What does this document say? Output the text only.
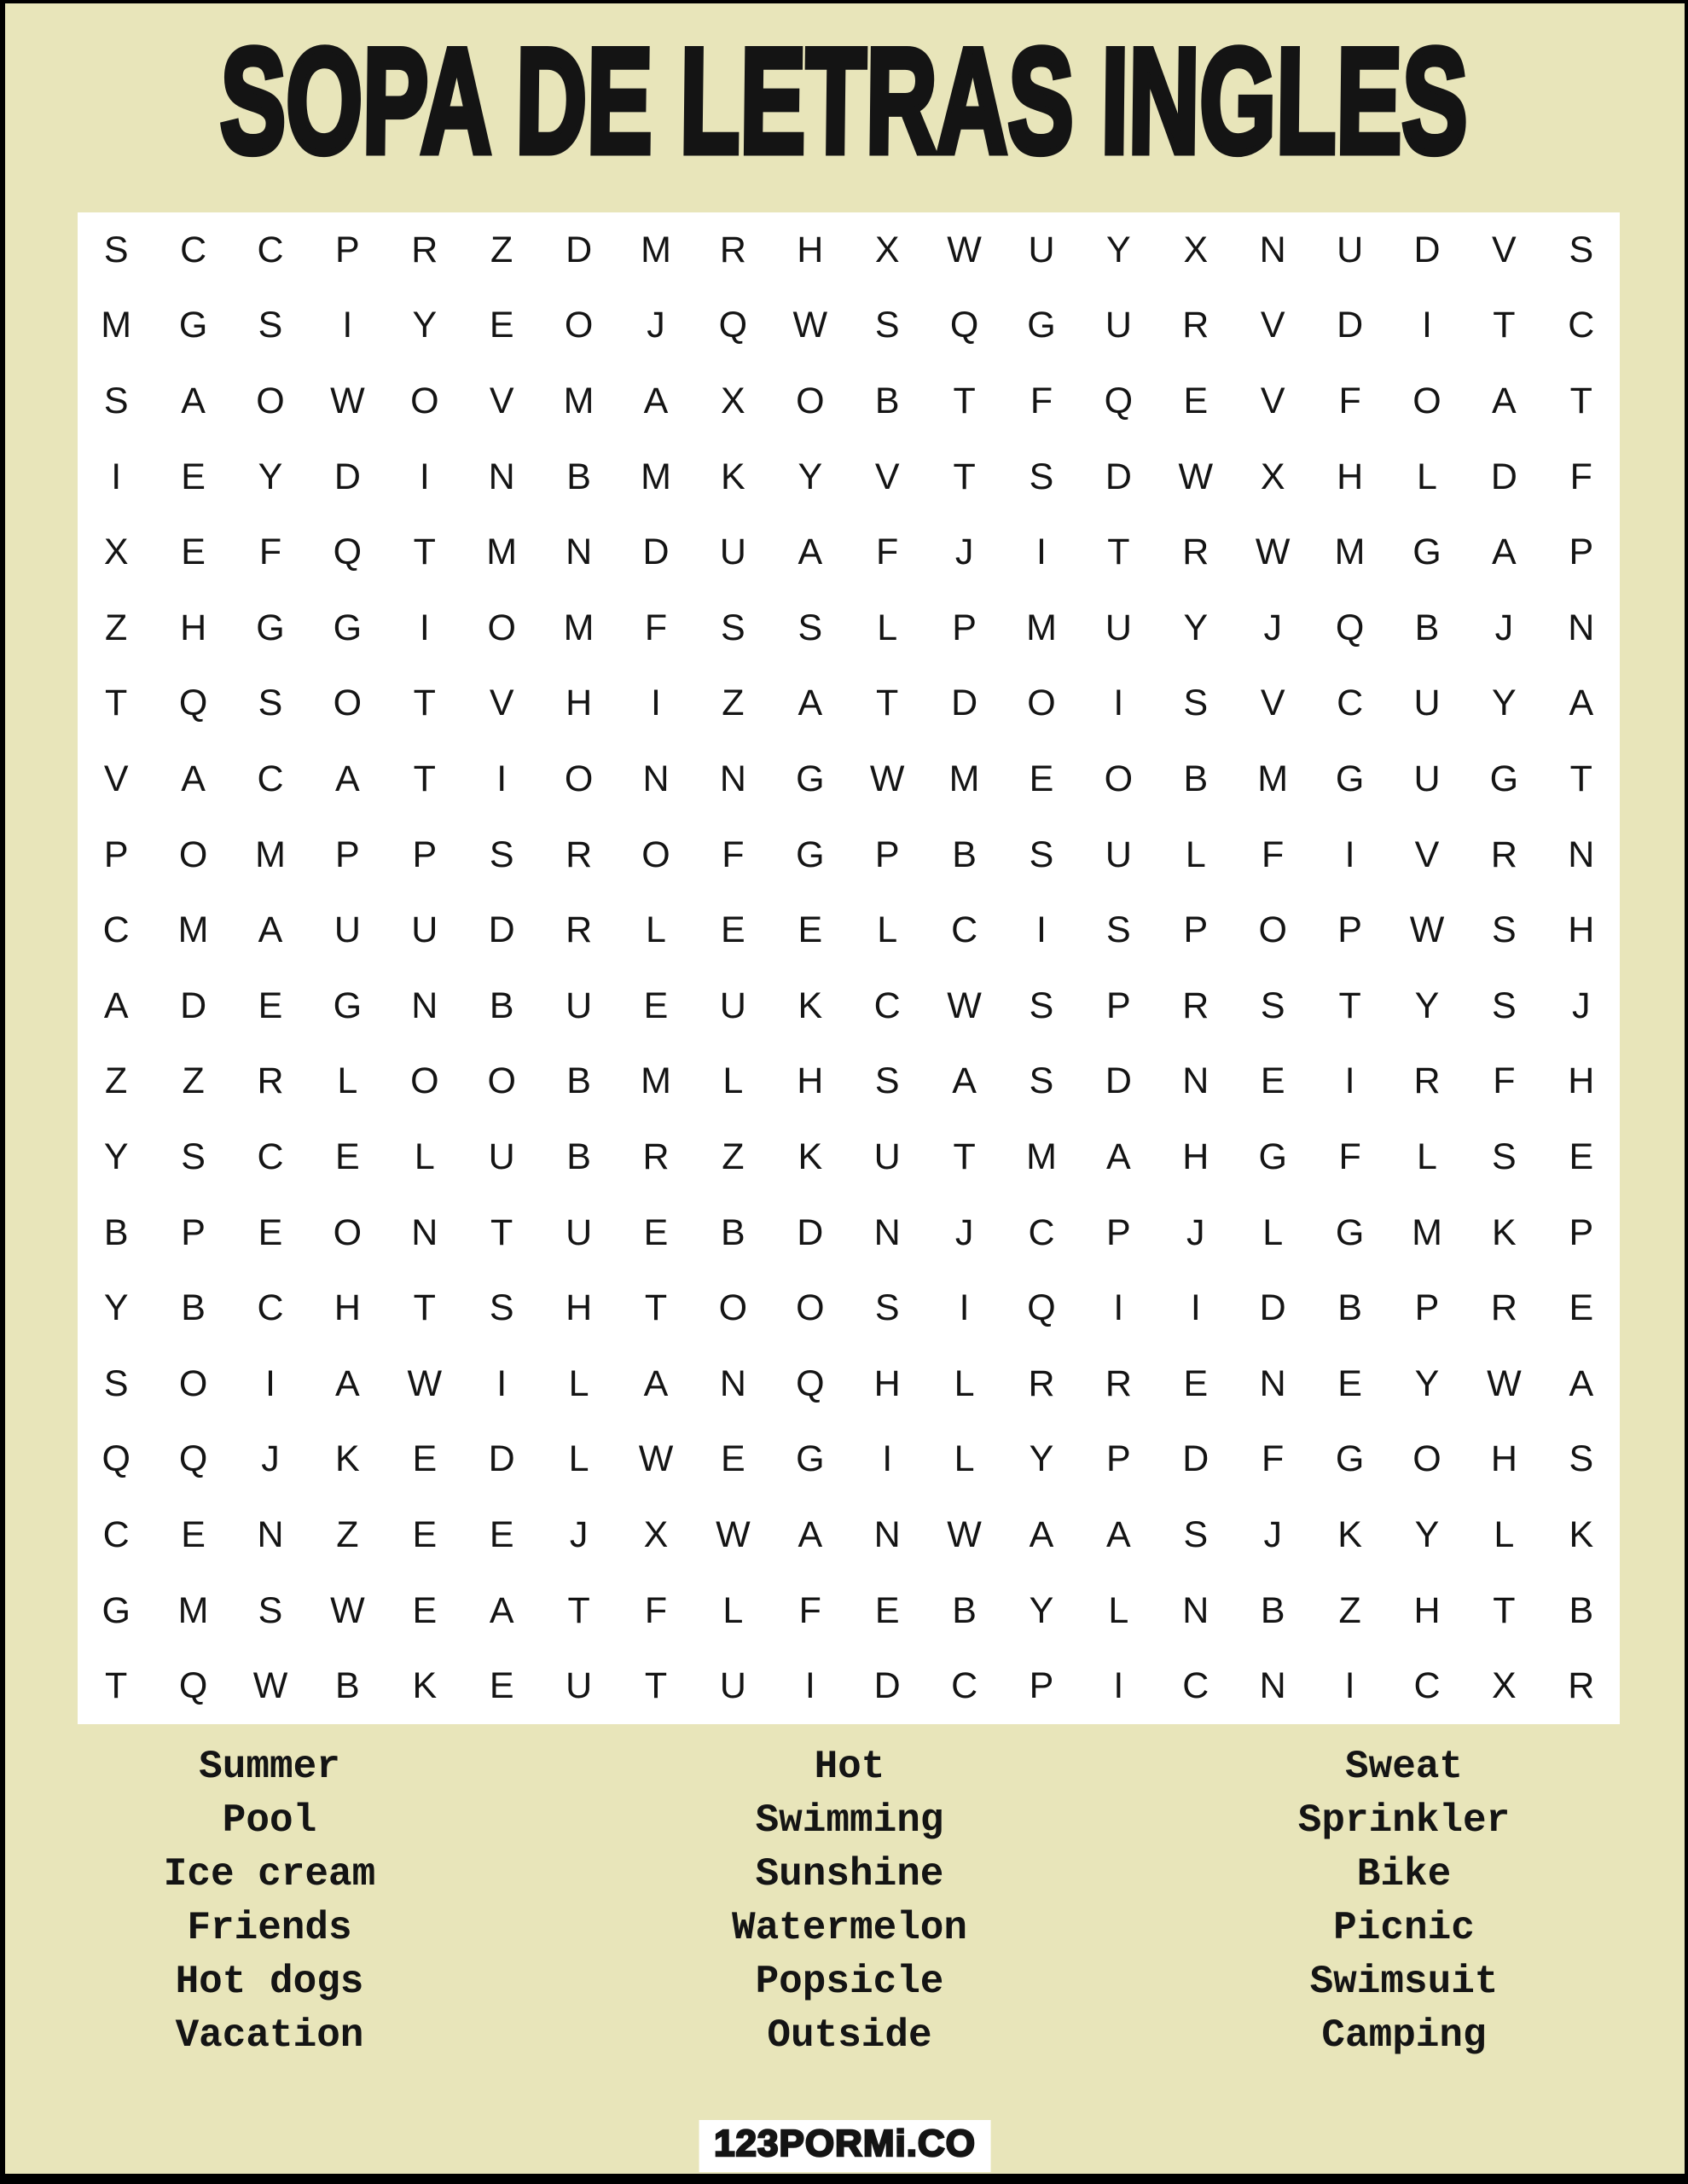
SOPA DE LETRAS INGLES
S	C	C	P	R	Z	D	M	R	H	X	W	U	Y	X	N	U	D	V	S
M	G	S	I	Y	E	O	J	Q	W	S	Q	G	U	R	V	D	I	T	C
S	A	O	W	O	V	M	A	X	O	B	T	F	Q	E	V	F	O	A	T
I	E	Y	D	I	N	B	M	K	Y	V	T	S	D	W	X	H	L	D	F
X	E	F	Q	T	M	N	D	U	A	F	J	I	T	R	W	M	G	A	P
Z	H	G	G	I	O	M	F	S	S	L	P	M	U	Y	J	Q	B	J	N
T	Q	S	O	T	V	H	I	Z	A	T	D	O	I	S	V	C	U	Y	A
V	A	C	A	T	I	O	N	N	G	W	M	E	O	B	M	G	U	G	T
P	O	M	P	P	S	R	O	F	G	P	B	S	U	L	F	I	V	R	N
C	M	A	U	U	D	R	L	E	E	L	C	I	S	P	O	P	W	S	H
A	D	E	G	N	B	U	E	U	K	C	W	S	P	R	S	T	Y	S	J
Z	Z	R	L	O	O	B	M	L	H	S	A	S	D	N	E	I	R	F	H
Y	S	C	E	L	U	B	R	Z	K	U	T	M	A	H	G	F	L	S	E
B	P	E	O	N	T	U	E	B	D	N	J	C	P	J	L	G	M	K	P
Y	B	C	H	T	S	H	T	O	O	S	I	Q	I	I	D	B	P	R	E
S	O	I	A	W	I	L	A	N	Q	H	L	R	R	E	N	E	Y	W	A
Q	Q	J	K	E	D	L	W	E	G	I	L	Y	P	D	F	G	O	H	S
C	E	N	Z	E	E	J	X	W	A	N	W	A	A	S	J	K	Y	L	K
G	M	S	W	E	A	T	F	L	F	E	B	Y	L	N	B	Z	H	T	B
T	Q	W	B	K	E	U	T	U	I	D	C	P	I	C	N	I	C	X	R
Summer
Pool
Ice cream
Friends
Hot dogs
Vacation
Hot
Swimming
Sunshine
Watermelon
Popsicle
Outside
Sweat
Sprinkler
Bike
Picnic
Swimsuit
Camping
123PORMi.CO
